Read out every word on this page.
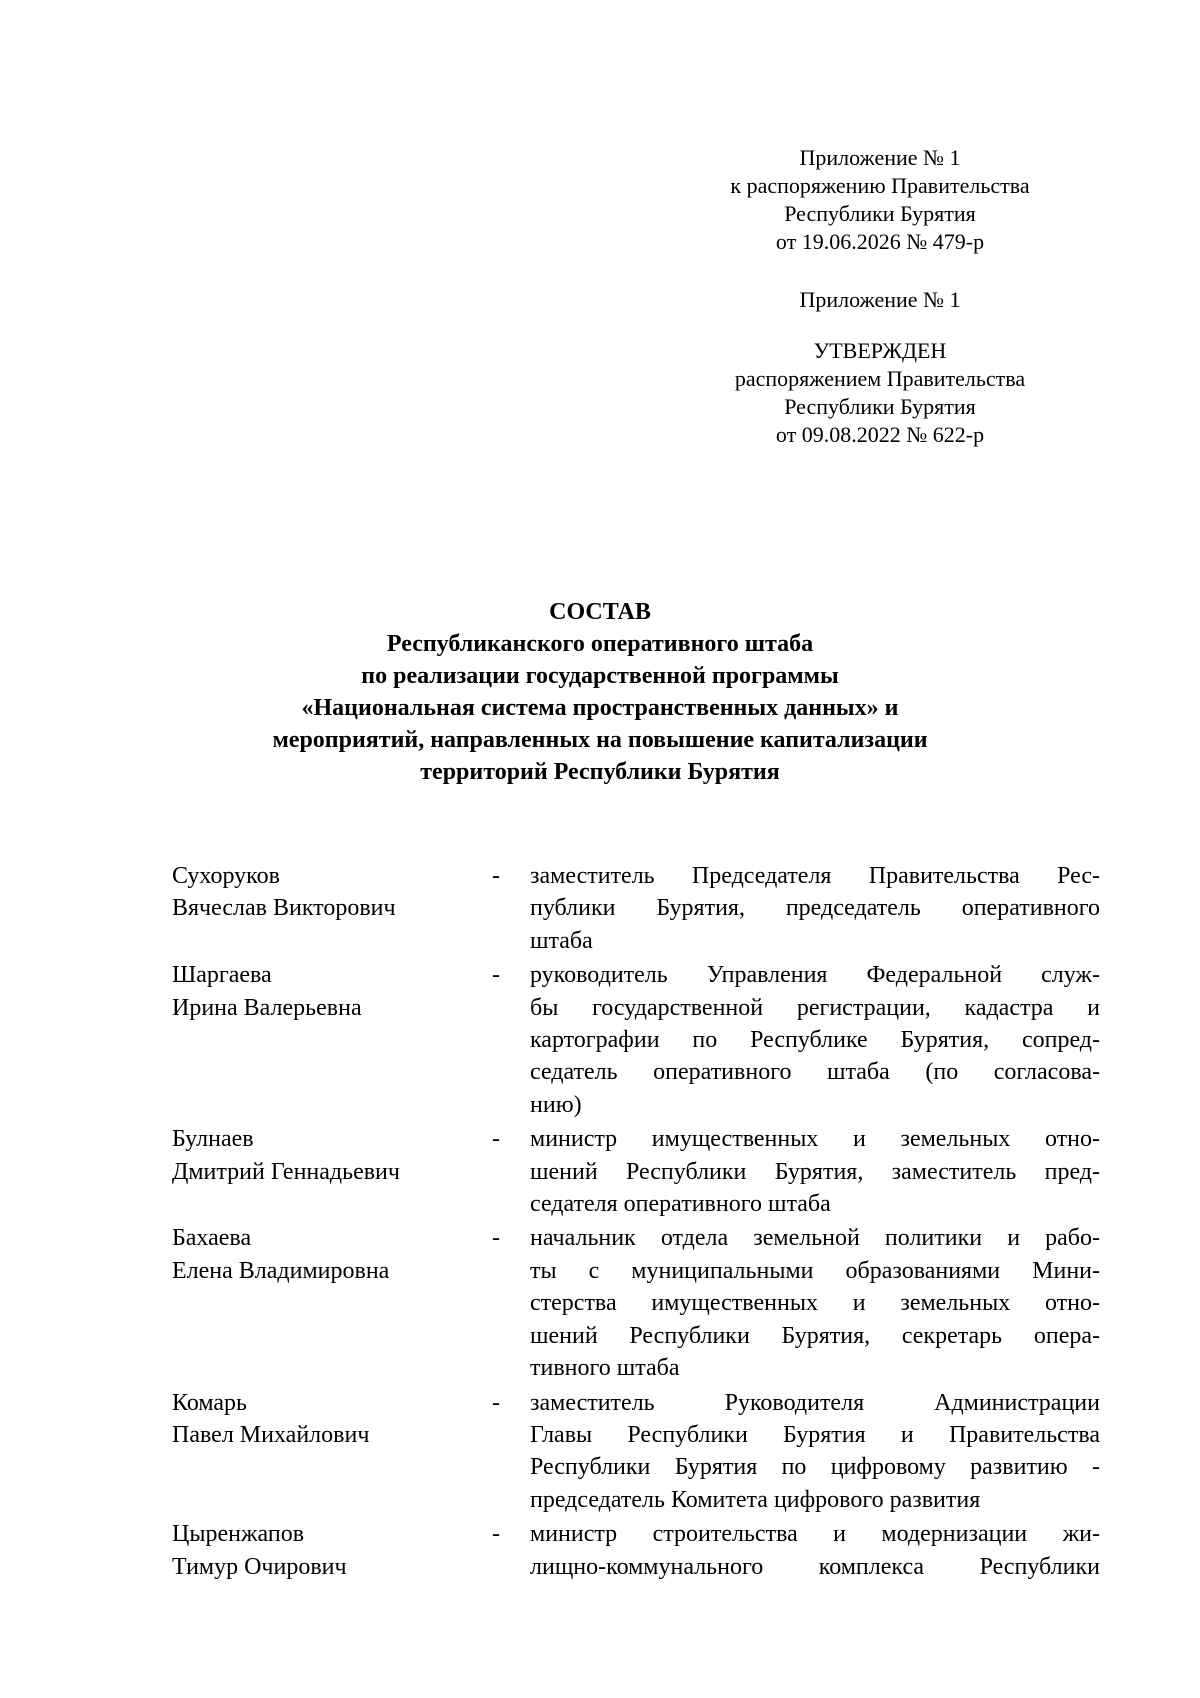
Приложение № 1
к распоряжению Правительства
Республики Бурятия
от 19.06.2026 № 479-р
Приложение № 1
УТВЕРЖДЕН
распоряжением Правительства
Республики Бурятия
от 09.08.2022 № 622-р
СОСТАВ
Республиканского оперативного штаба
по реализации государственной программы
«Национальная система пространственных данных» и
мероприятий, направленных на повышение капитализации
территорий Республики Бурятия
Сухоруков
Вячеслав Викторович
-	заместитель Председателя Правительства Рес-
публики Бурятия, председатель оперативного
штаба
Шаргаева
Ирина Валерьевна
-	руководитель Управления Федеральной служ-
бы государственной регистрации, кадастра и
картографии по Республике Бурятия, сопред-
седатель оперативного штаба (по согласова-
нию)
Булнаев
Дмитрий Геннадьевич
-	министр имущественных и земельных отно-
шений Республики Бурятия, заместитель пред-
седателя оперативного штаба
Бахаева
Елена Владимировна
-	начальник отдела земельной политики и рабо-
ты с муниципальными образованиями Мини-
стерства имущественных и земельных отно-
шений Республики Бурятия, секретарь опера-
тивного штаба
Комарь
Павел Михайлович
-	заместитель Руководителя Администрации
Главы Республики Бурятия и Правительства
Республики Бурятия по цифровому развитию -
председатель Комитета цифрового развития
Цыренжапов
Тимур Очирович
-	министр строительства и модернизации жи-
лищно-коммунального комплекса Республики
